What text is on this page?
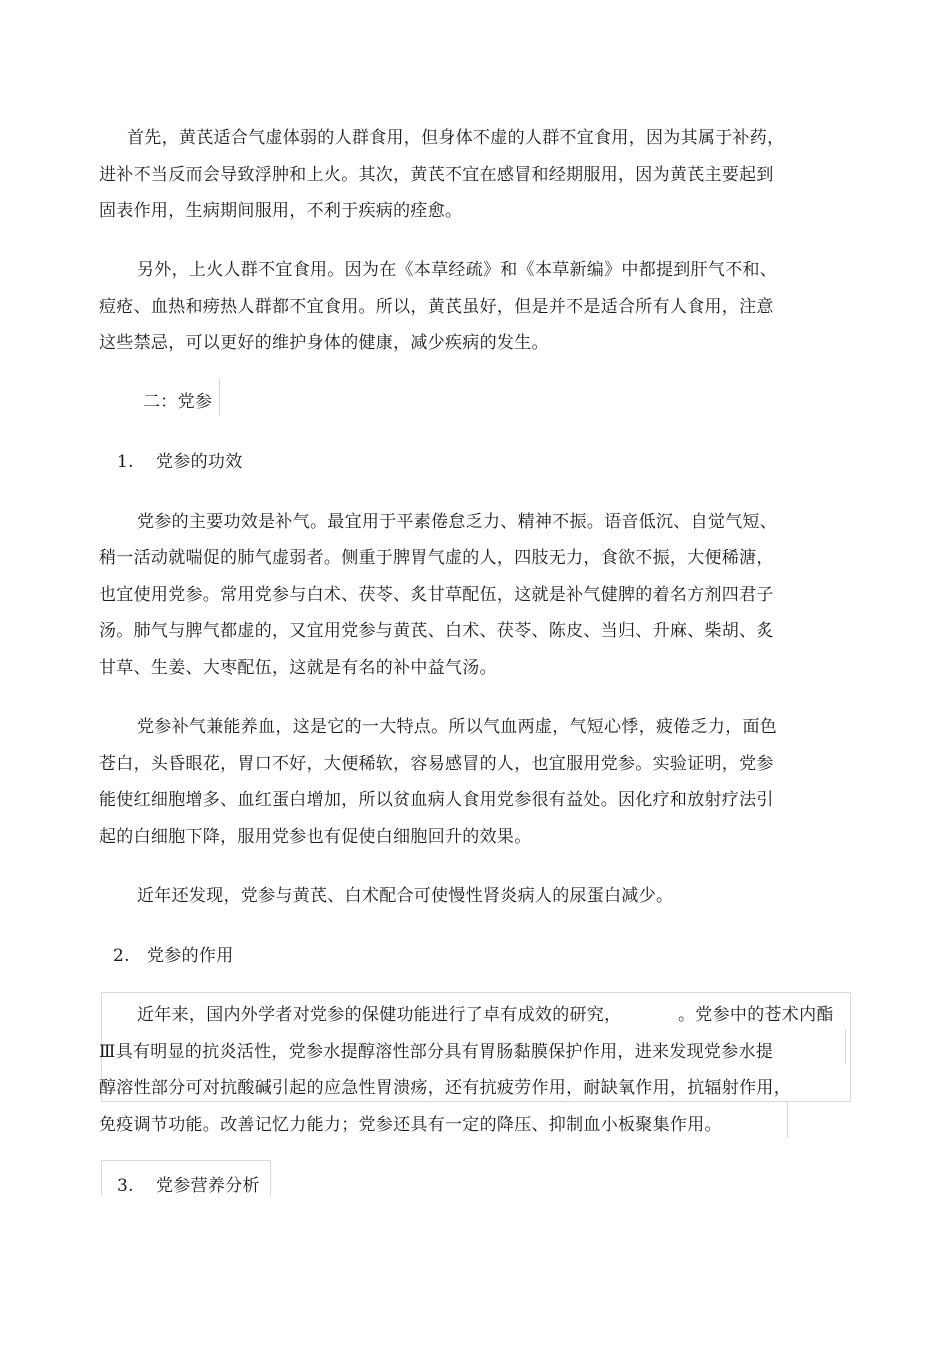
首先，黄芪适合气虚体弱的人群食用，但身体不虚的人群不宜食用，因为其属于补药，
进补不当反而会导致浮肿和上火。其次，黄芪不宜在感冒和经期服用，因为黄芪主要起到
固表作用，生病期间服用，不利于疾病的痊愈。
另外，上火人群不宜食用。因为在《本草经疏》和《本草新编》中都提到肝气不和、
痘疮、血热和痨热人群都不宜食用。所以，黄芪虽好，但是并不是适合所有人食用，注意
这些禁忌，可以更好的维护身体的健康，减少疾病的发生。
二：党参
1. 党参的功效
党参的主要功效是补气。最宜用于平素倦怠乏力、精神不振。语音低沉、自觉气短、
稍一活动就喘促的肺气虚弱者。侧重于脾胃气虚的人，四肢无力，食欲不振，大便稀溏，
也宜使用党参。常用党参与白术、茯苓、炙甘草配伍，这就是补气健脾的着名方剂四君子
汤。肺气与脾气都虚的，又宜用党参与黄芪、白术、茯苓、陈皮、当归、升麻、柴胡、炙
甘草、生姜、大枣配伍，这就是有名的补中益气汤。
党参补气兼能养血，这是它的一大特点。所以气血两虚，气短心悸，疲倦乏力，面色
苍白，头昏眼花，胃口不好，大便稀软，容易感冒的人，也宜服用党参。实验证明，党参
能使红细胞增多、血红蛋白增加，所以贫血病人食用党参很有益处。因化疗和放射疗法引
起的白细胞下降，服用党参也有促使白细胞回升的效果。
近年还发现，党参与黄芪、白术配合可使慢性肾炎病人的尿蛋白减少。
2. 党参的作用
近年来，国内外学者对党参的保健功能进行了卓有成效的研究，	。党参中的苍术内酯
Ⅲ具有明显的抗炎活性，党参水提醇溶性部分具有胃肠黏膜保护作用，进来发现党参水提
醇溶性部分可对抗酸碱引起的应急性胃溃疡，还有抗疲劳作用，耐缺氧作用，抗辐射作用，
免疫调节功能。改善记忆力能力；党参还具有一定的降压、抑制血小板聚集作用。
3. 党参营养分析
